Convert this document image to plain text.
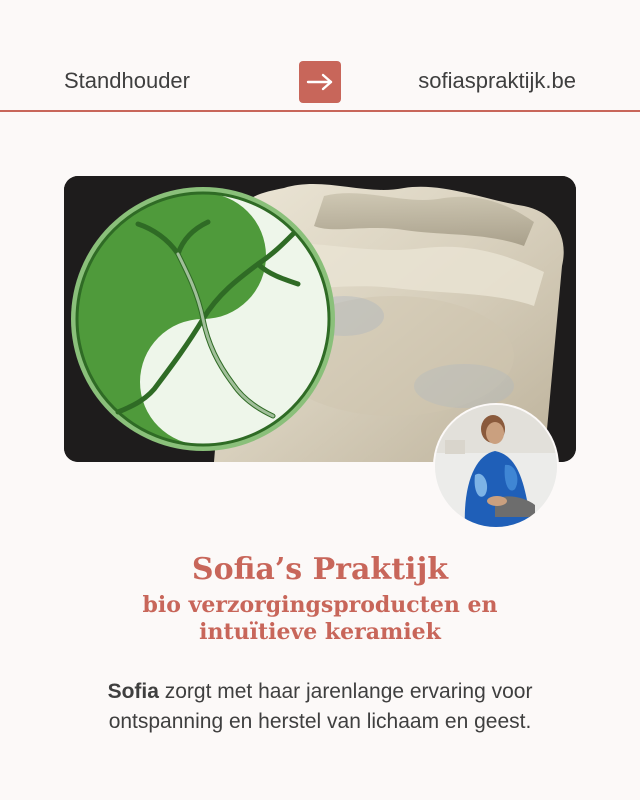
Standhouder	sofiaspraktijk.be
Sofia’s Praktijk
bio verzorgingsproducten en
intuïtieve keramiek
Sofia zorgt met haar jarenlange ervaring voor
ontspanning en herstel van lichaam en geest.
